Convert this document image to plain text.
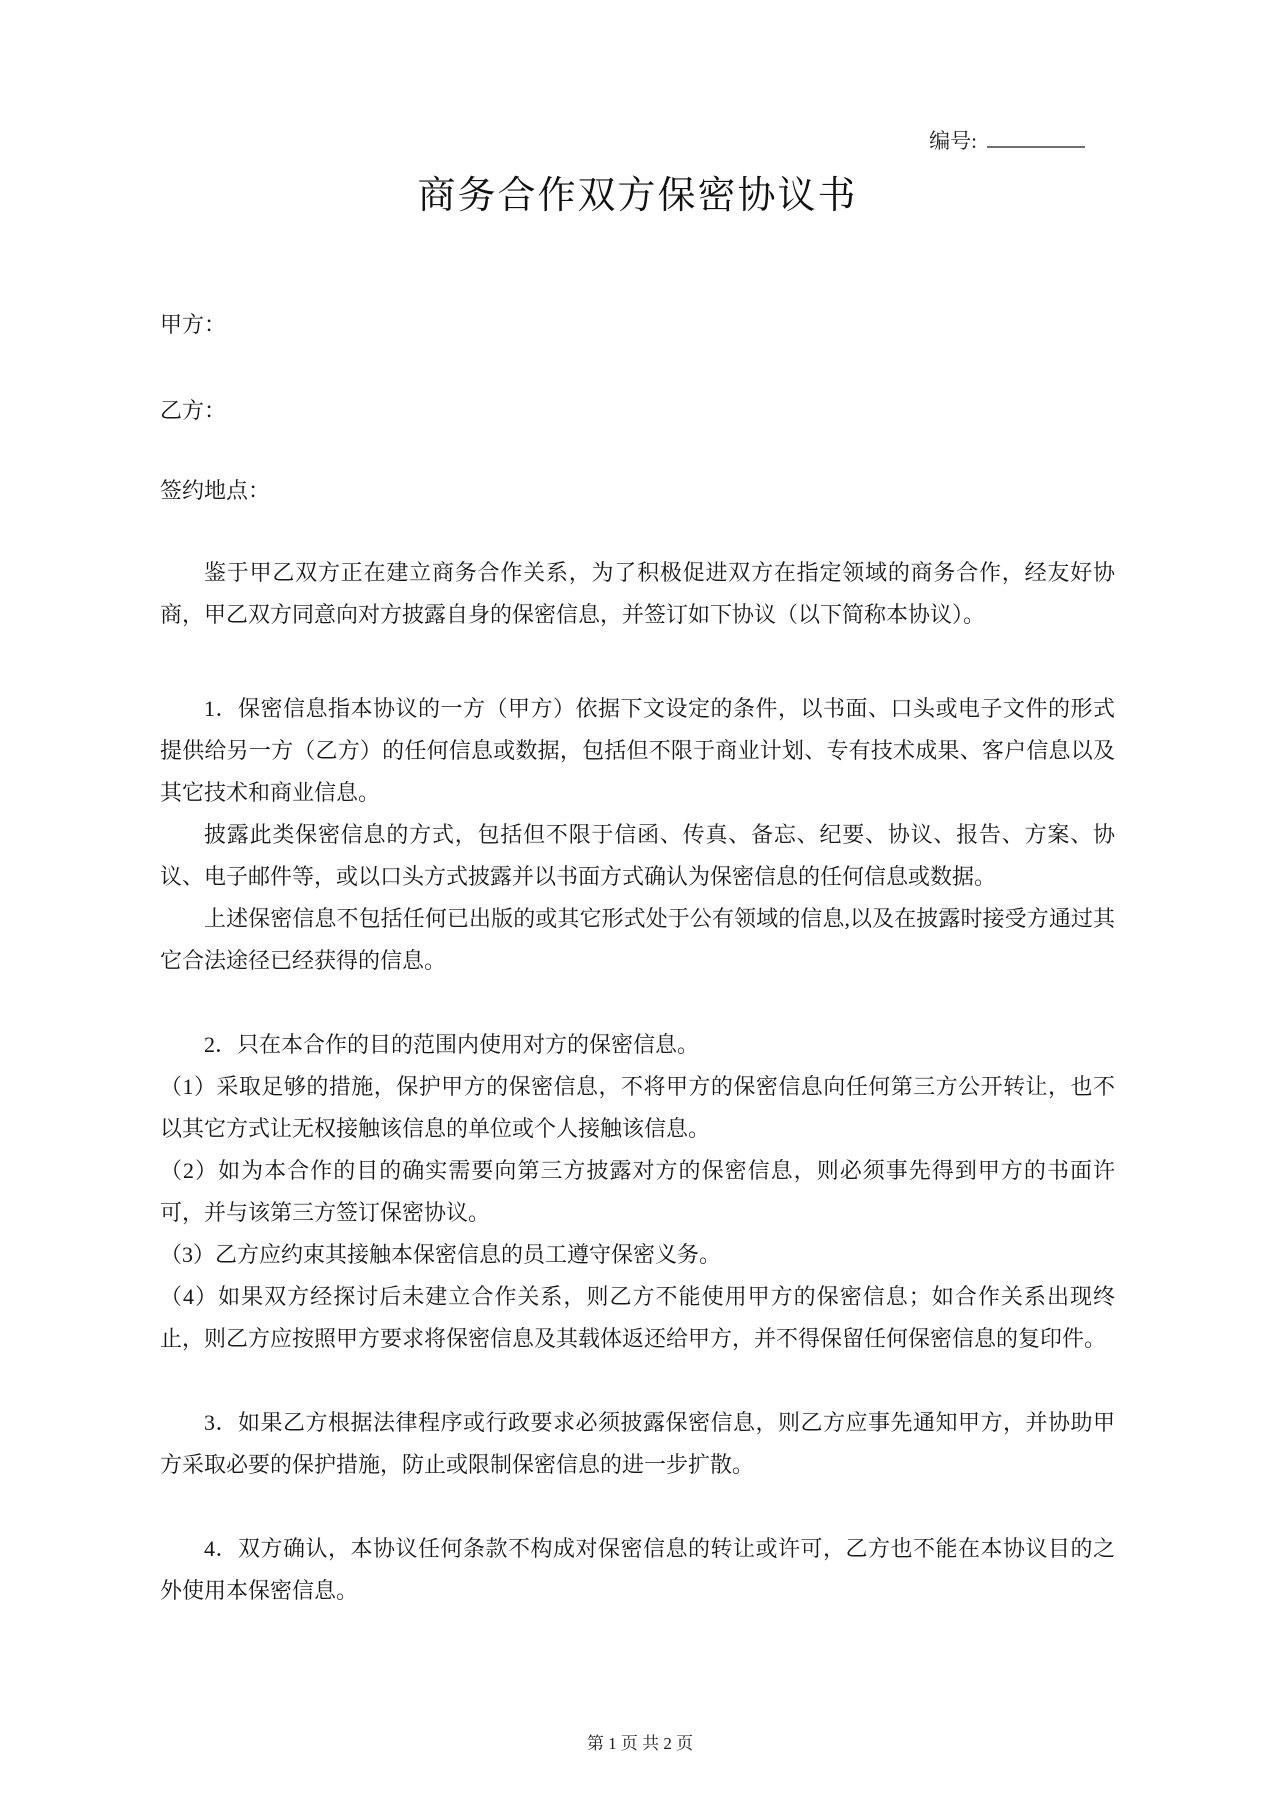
编号:
商务合作双方保密协议书

甲方：

乙方：

签约地点：

鉴于甲乙双方正在建立商务合作关系，为了积极促进双方在指定领域的商务合作，经友好协商，甲乙双方同意向对方披露自身的保密信息，并签订如下协议（以下简称本协议）。

1．保密信息指本协议的一方（甲方）依据下文设定的条件，以书面、口头或电子文件的形式提供给另一方（乙方）的任何信息或数据，包括但不限于商业计划、专有技术成果、客户信息以及其它技术和商业信息。

披露此类保密信息的方式，包括但不限于信函、传真、备忘、纪要、协议、报告、方案、协议、电子邮件等，或以口头方式披露并以书面方式确认为保密信息的任何信息或数据。

上述保密信息不包括任何已出版的或其它形式处于公有领域的信息,以及在披露时接受方通过其它合法途径已经获得的信息。

2．只在本合作的目的范围内使用对方的保密信息。

（1）采取足够的措施，保护甲方的保密信息，不将甲方的保密信息向任何第三方公开转让，也不以其它方式让无权接触该信息的单位或个人接触该信息。

（2）如为本合作的目的确实需要向第三方披露对方的保密信息，则必须事先得到甲方的书面许可，并与该第三方签订保密协议。

（3）乙方应约束其接触本保密信息的员工遵守保密义务。

（4）如果双方经探讨后未建立合作关系，则乙方不能使用甲方的保密信息；如合作关系出现终止，则乙方应按照甲方要求将保密信息及其载体返还给甲方，并不得保留任何保密信息的复印件。

3．如果乙方根据法律程序或行政要求必须披露保密信息，则乙方应事先通知甲方，并协助甲方采取必要的保护措施，防止或限制保密信息的进一步扩散。

4．双方确认，本协议任何条款不构成对保密信息的转让或许可，乙方也不能在本协议目的之外使用本保密信息。

第 1 页 共 2 页
